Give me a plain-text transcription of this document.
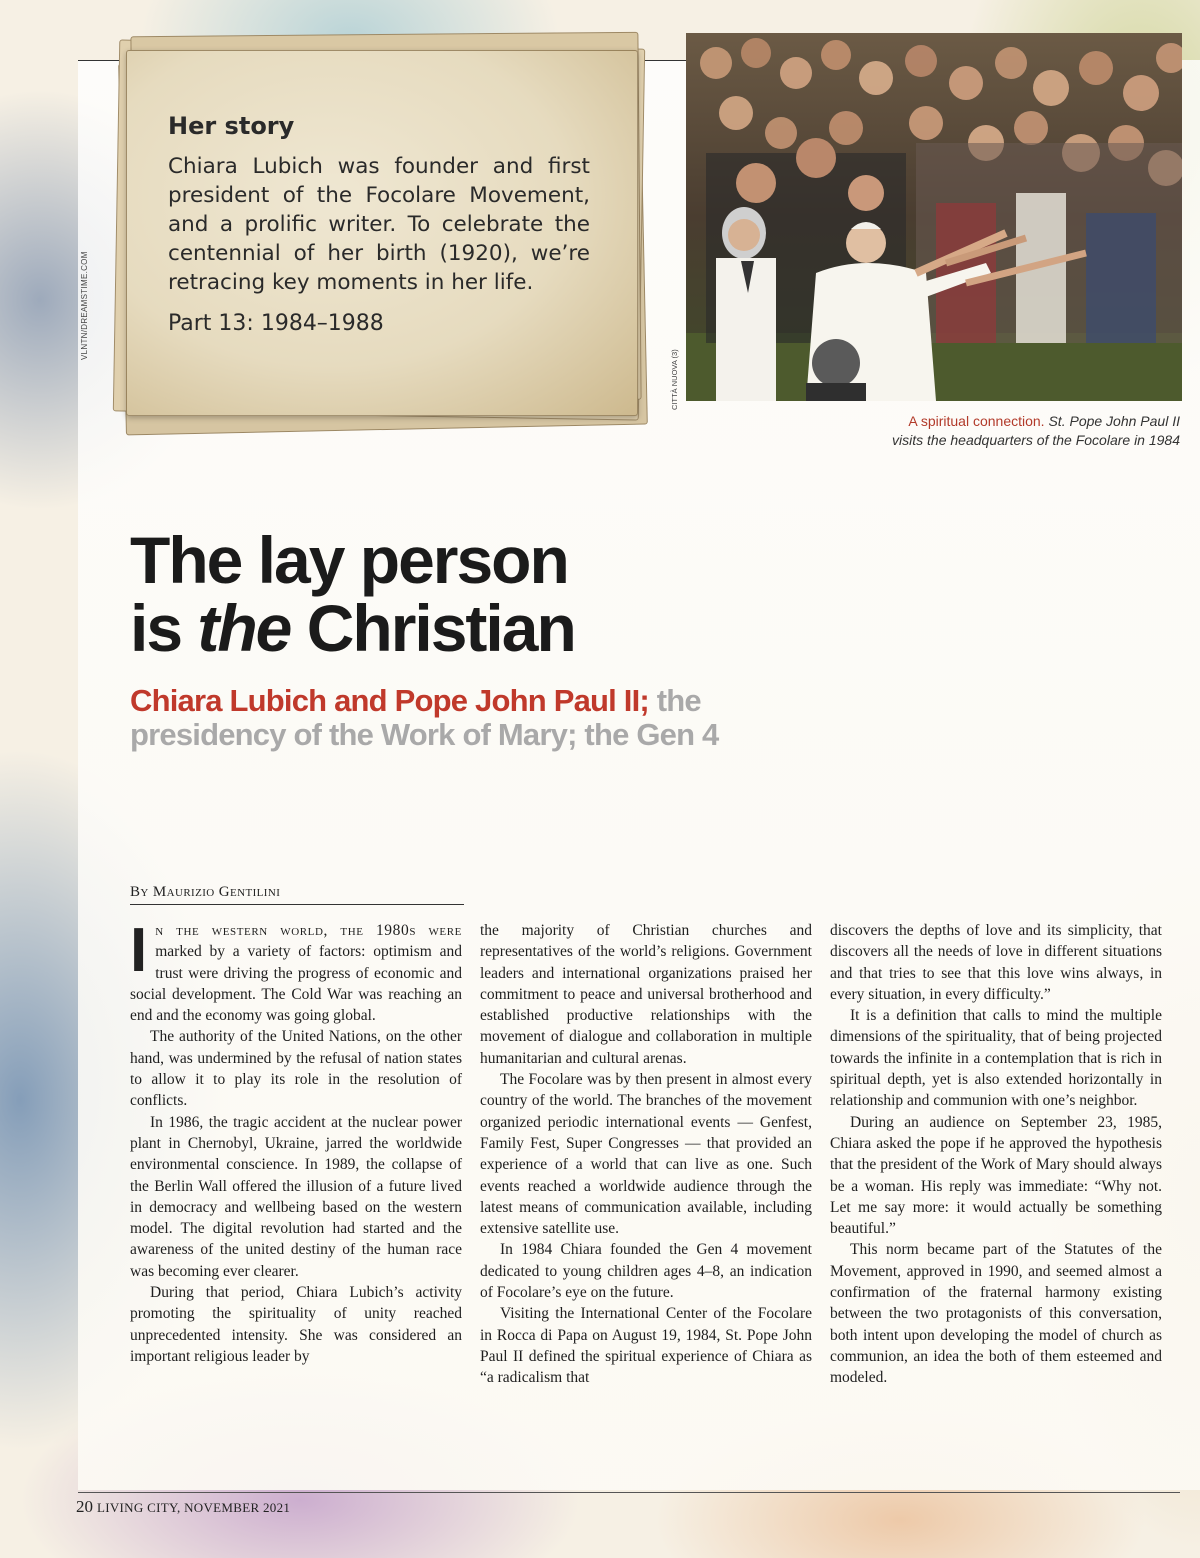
VLNTN/DREAMSTIME.COM

Her story

Chiara Lubich was founder and first president of the Focolare Movement, and a prolific writer. To celebrate the centennial of her birth (1920), we’re retracing key moments in her life.

Part 13: 1984–1988

CITTÀ NUOVA (3)
A spiritual connection. St. Pope John Paul II visits the headquarters of the Focolare in 1984
The lay person
is the Christian

Chiara Lubich and Pope John Paul II; the presidency of the Work of Mary; the Gen 4

By Maurizio Gentilini

In the western world, the 1980s were marked by a variety of factors: optimism and trust were driving the progress of economic and social development. The Cold War was reaching an end and the economy was going global.

The authority of the United Nations, on the other hand, was undermined by the refusal of nation states to allow it to play its role in the resolution of conflicts.

In 1986, the tragic accident at the nuclear power plant in Chernobyl, Ukraine, jarred the worldwide environmental conscience. In 1989, the collapse of the Berlin Wall offered the illusion of a future lived in democracy and wellbeing based on the western model. The digital revolution had started and the awareness of the united destiny of the human race was becoming ever clearer.

During that period, Chiara Lubich’s activity promoting the spirituality of unity reached unprecedented intensity. She was considered an important religious leader by

the majority of Christian churches and representatives of the world’s religions. Government leaders and international organizations praised her commitment to peace and universal brotherhood and established productive relationships with the movement of dialogue and collaboration in multiple humanitarian and cultural arenas.

The Focolare was by then present in almost every country of the world. The branches of the movement organized periodic international events — Genfest, Family Fest, Super Congresses — that provided an experience of a world that can live as one. Such events reached a worldwide audience through the latest means of communication available, including extensive satellite use.

In 1984 Chiara founded the Gen 4 movement dedicated to young children ages 4–8, an indication of Focolare’s eye on the future.

Visiting the International Center of the Focolare in Rocca di Papa on August 19, 1984, St. Pope John Paul II defined the spiritual experience of Chiara as “a radicalism that

discovers the depths of love and its simplicity, that discovers all the needs of love in different situations and that tries to see that this love wins always, in every situation, in every difficulty.”

It is a definition that calls to mind the multiple dimensions of the spirituality, that of being projected towards the infinite in a contemplation that is rich in spiritual depth, yet is also extended horizontally in relationship and communion with one’s neighbor.

During an audience on September 23, 1985, Chiara asked the pope if he approved the hypothesis that the president of the Work of Mary should always be a woman. His reply was immediate: “Why not. Let me say more: it would actually be something beautiful.”

This norm became part of the Statutes of the Movement, approved in 1990, and seemed almost a confirmation of the fraternal harmony existing between the two protagonists of this conversation, both intent upon developing the model of church as communion, an idea the both of them esteemed and modeled.

20 LIVING CITY, NOVEMBER 2021
